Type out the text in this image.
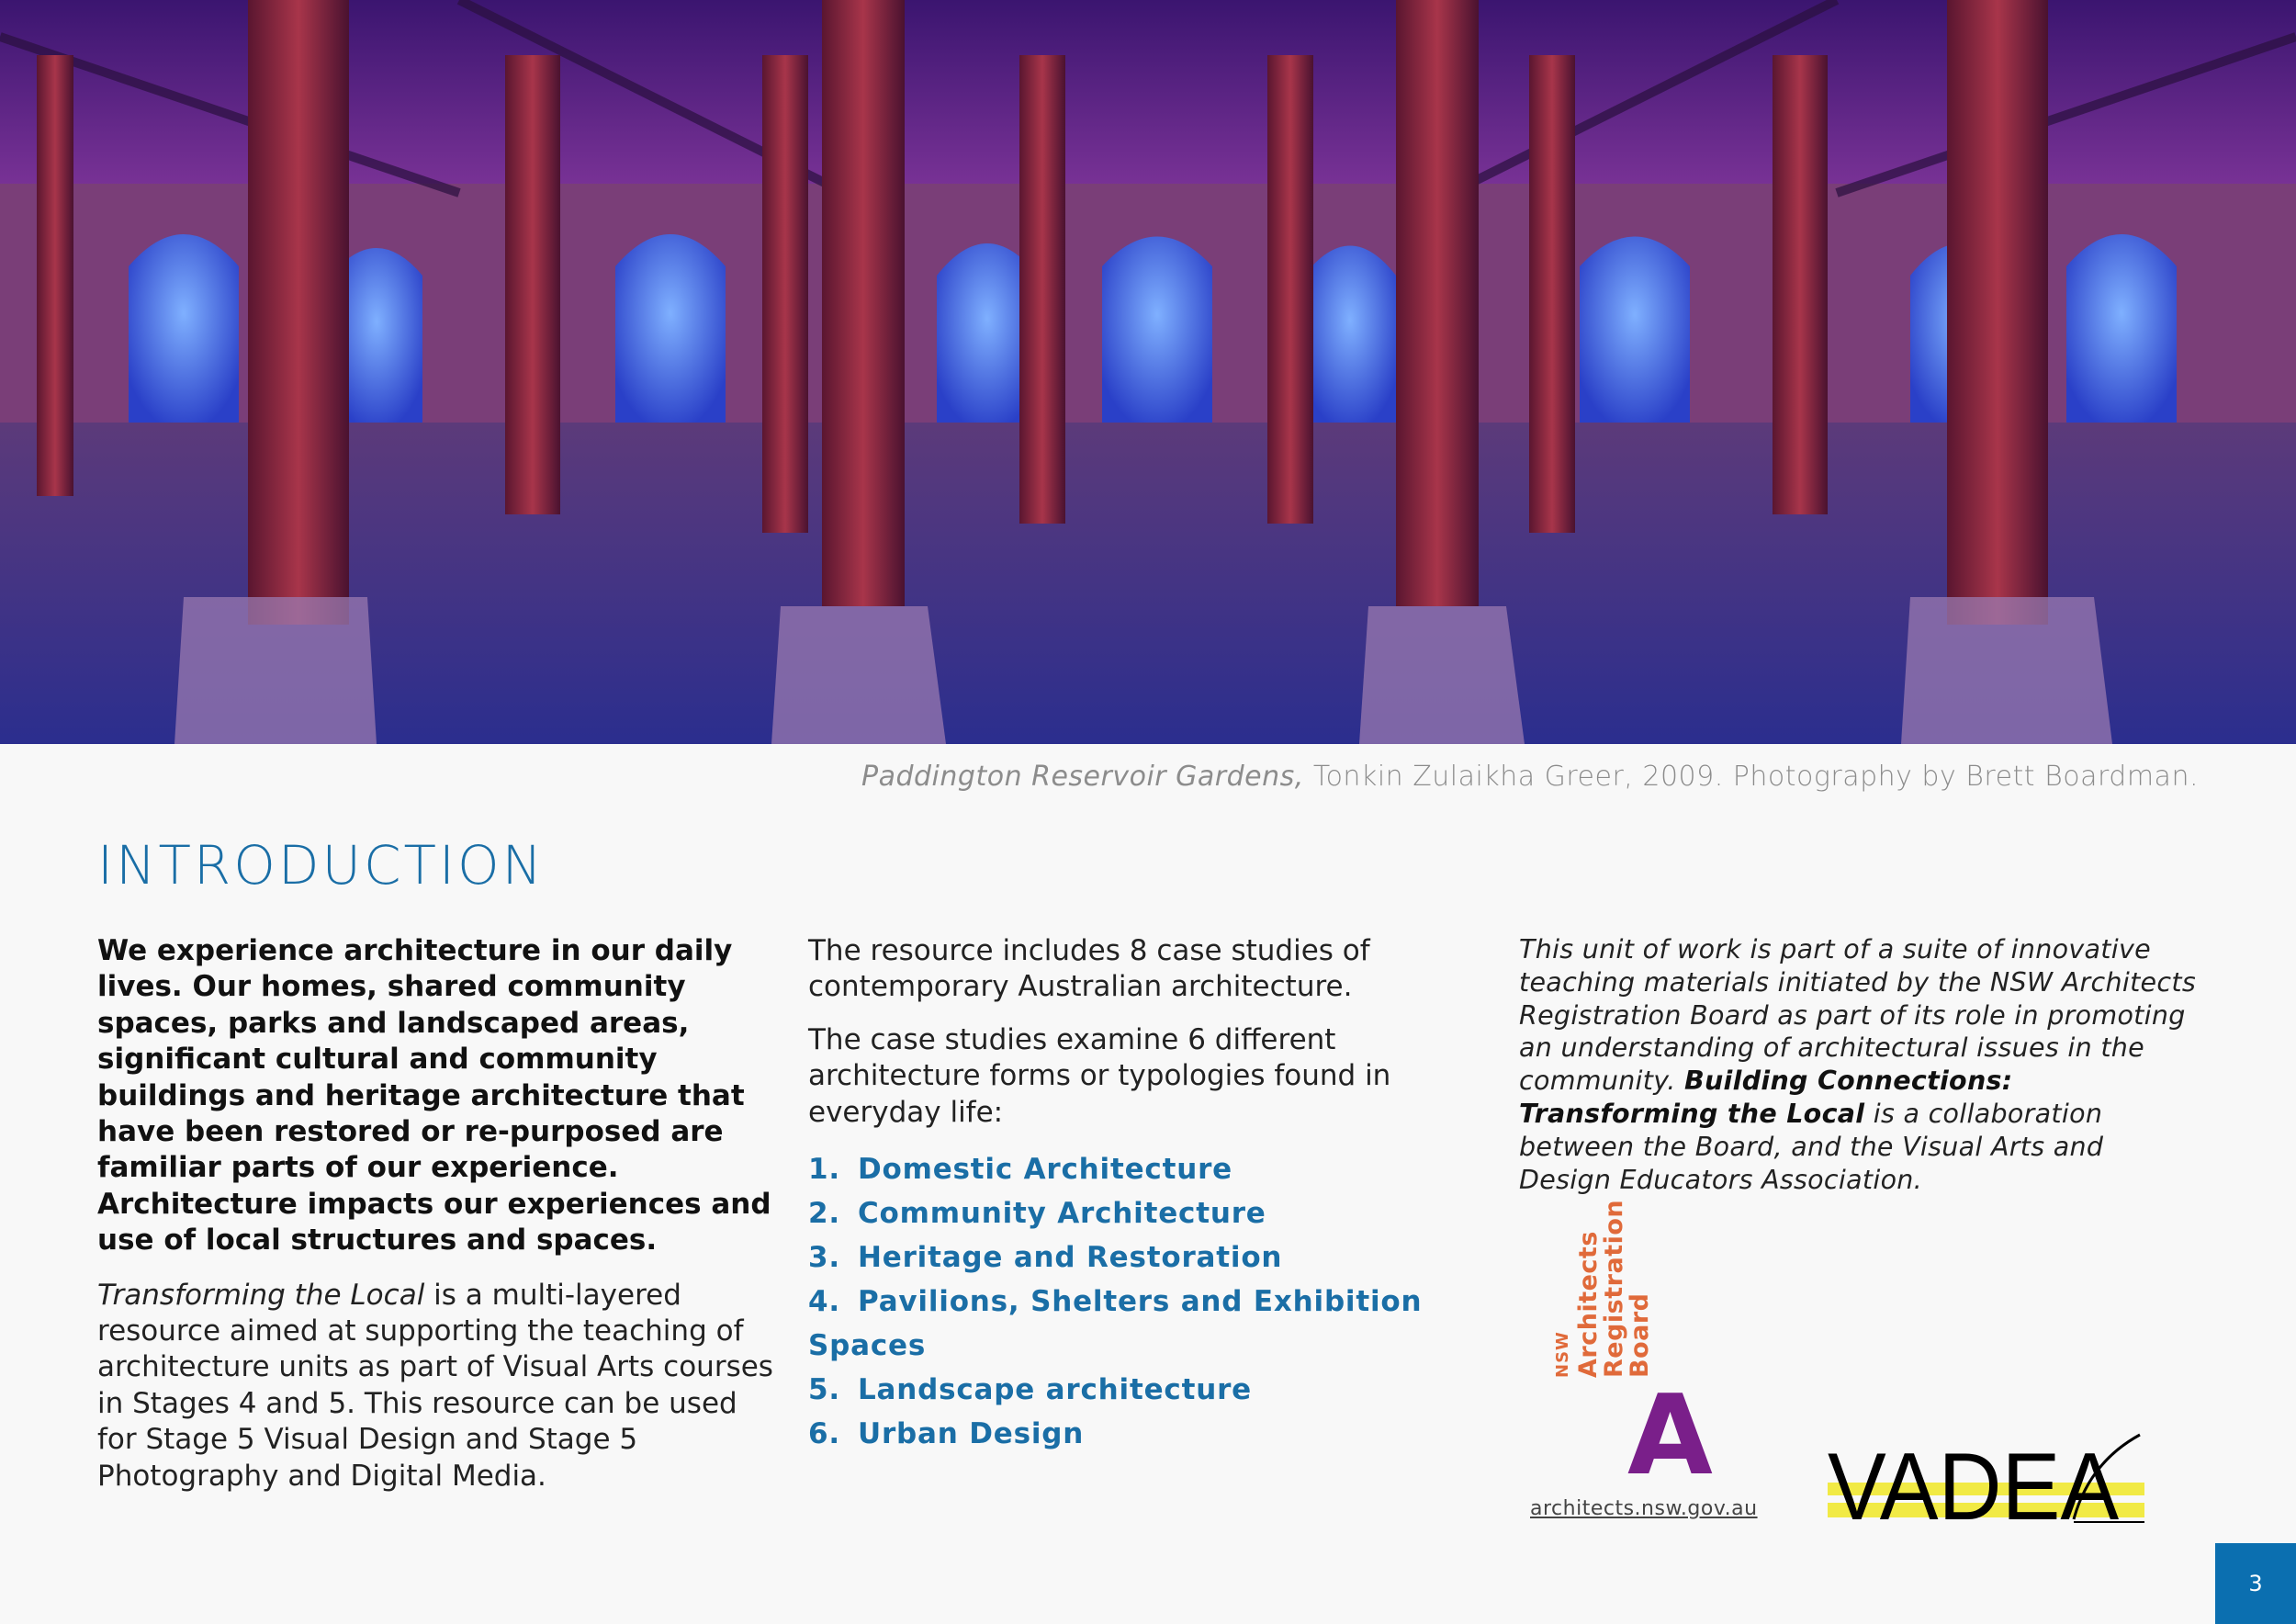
Paddington Reservoir Gardens, Tonkin Zulaikha Greer, 2009. Photography by Brett Boardman.
INTRODUCTION

We experience architecture in our daily lives. Our homes, shared community spaces, parks and landscaped areas, significant cultural and community buildings and heritage architecture that have been restored or re-purposed are familiar parts of our experience. Architecture impacts our experiences and use of local structures and spaces.

Transforming the Local is a multi-layered resource aimed at supporting the teaching of architecture units as part of Visual Arts courses in Stages 4 and 5. This resource can be used for Stage 5 Visual Design and Stage 5 Photography and Digital Media.

The resource includes 8 case studies of contemporary Australian architecture.

The case studies examine 6 different architecture forms or typologies found in everyday life:

1. Domestic Architecture
2. Community Architecture
3. Heritage and Restoration
4. Pavilions, Shelters and Exhibition Spaces
5. Landscape architecture
6. Urban Design

This unit of work is part of a suite of innovative teaching materials initiated by the NSW Architects Registration Board as part of its role in promoting an understanding of architectural issues in the community. Building Connections: Transforming the Local is a collaboration between the Board, and the Visual Arts and Design Educators Association.

NSW Architects
Registration
Board
A
architects.nsw.gov.au VADEA
3
